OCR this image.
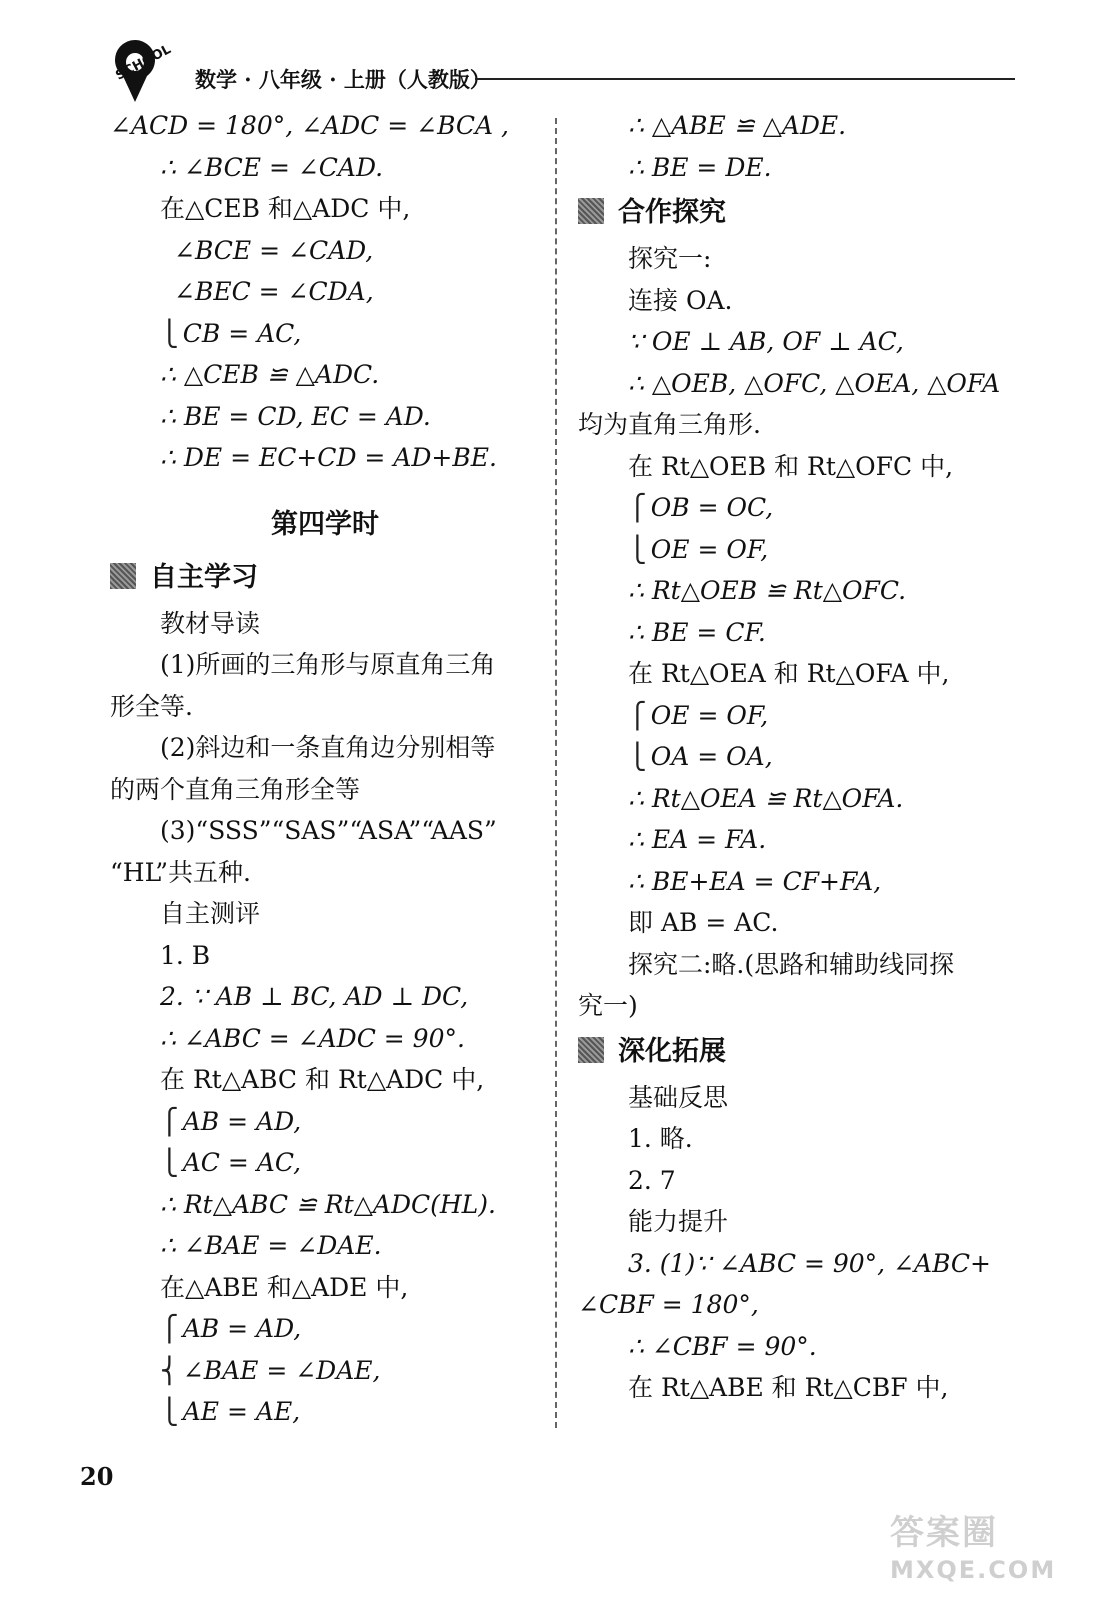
SCHOOL 数学 · 八年级 · 上册（人教版）
∠ACD = 180°, ∠ADC = ∠BCA ,
∴ ∠BCE = ∠CAD.
在△CEB 和△ADC 中,
∠BCE = ∠CAD,
∠BEC = ∠CDA,
⎩ CB = AC,
∴ △CEB ≌ △ADC.
∴ BE = CD, EC = AD.
∴ DE = EC+CD = AD+BE.
第四学时
自主学习
教材导读
(1)所画的三角形与原直角三角
形全等.
(2)斜边和一条直角边分别相等
的两个直角三角形全等
(3)“SSS”“SAS”“ASA”“AAS”
“HL”共五种.
自主测评
1. B
2. ∵ AB ⊥ BC, AD ⊥ DC,
∴ ∠ABC = ∠ADC = 90°.
在 Rt△ABC 和 Rt△ADC 中,
⎧ AB = AD,
⎩ AC = AC,
∴ Rt△ABC ≌ Rt△ADC(HL).
∴ ∠BAE = ∠DAE.
在△ABE 和△ADE 中,
⎧ AB = AD,
⎨ ∠BAE = ∠DAE,
⎩ AE = AE,
∴ △ABE ≌ △ADE.
∴ BE = DE.
合作探究
探究一:
连接 OA.
∵ OE ⊥ AB, OF ⊥ AC,
∴ △OEB, △OFC, △OEA, △OFA
均为直角三角形.
在 Rt△OEB 和 Rt△OFC 中,
⎧ OB = OC,
⎩ OE = OF,
∴ Rt△OEB ≌ Rt△OFC.
∴ BE = CF.
在 Rt△OEA 和 Rt△OFA 中,
⎧ OE = OF,
⎩ OA = OA,
∴ Rt△OEA ≌ Rt△OFA.
∴ EA = FA.
∴ BE+EA = CF+FA,
即 AB = AC.
探究二:略.(思路和辅助线同探
究一)
深化拓展
基础反思
1. 略.
2. 7
能力提升
3. (1)∵ ∠ABC = 90°, ∠ABC+
∠CBF = 180°,
∴ ∠CBF = 90°.
在 Rt△ABE 和 Rt△CBF 中,
20
答案圈
MXQE.COM
